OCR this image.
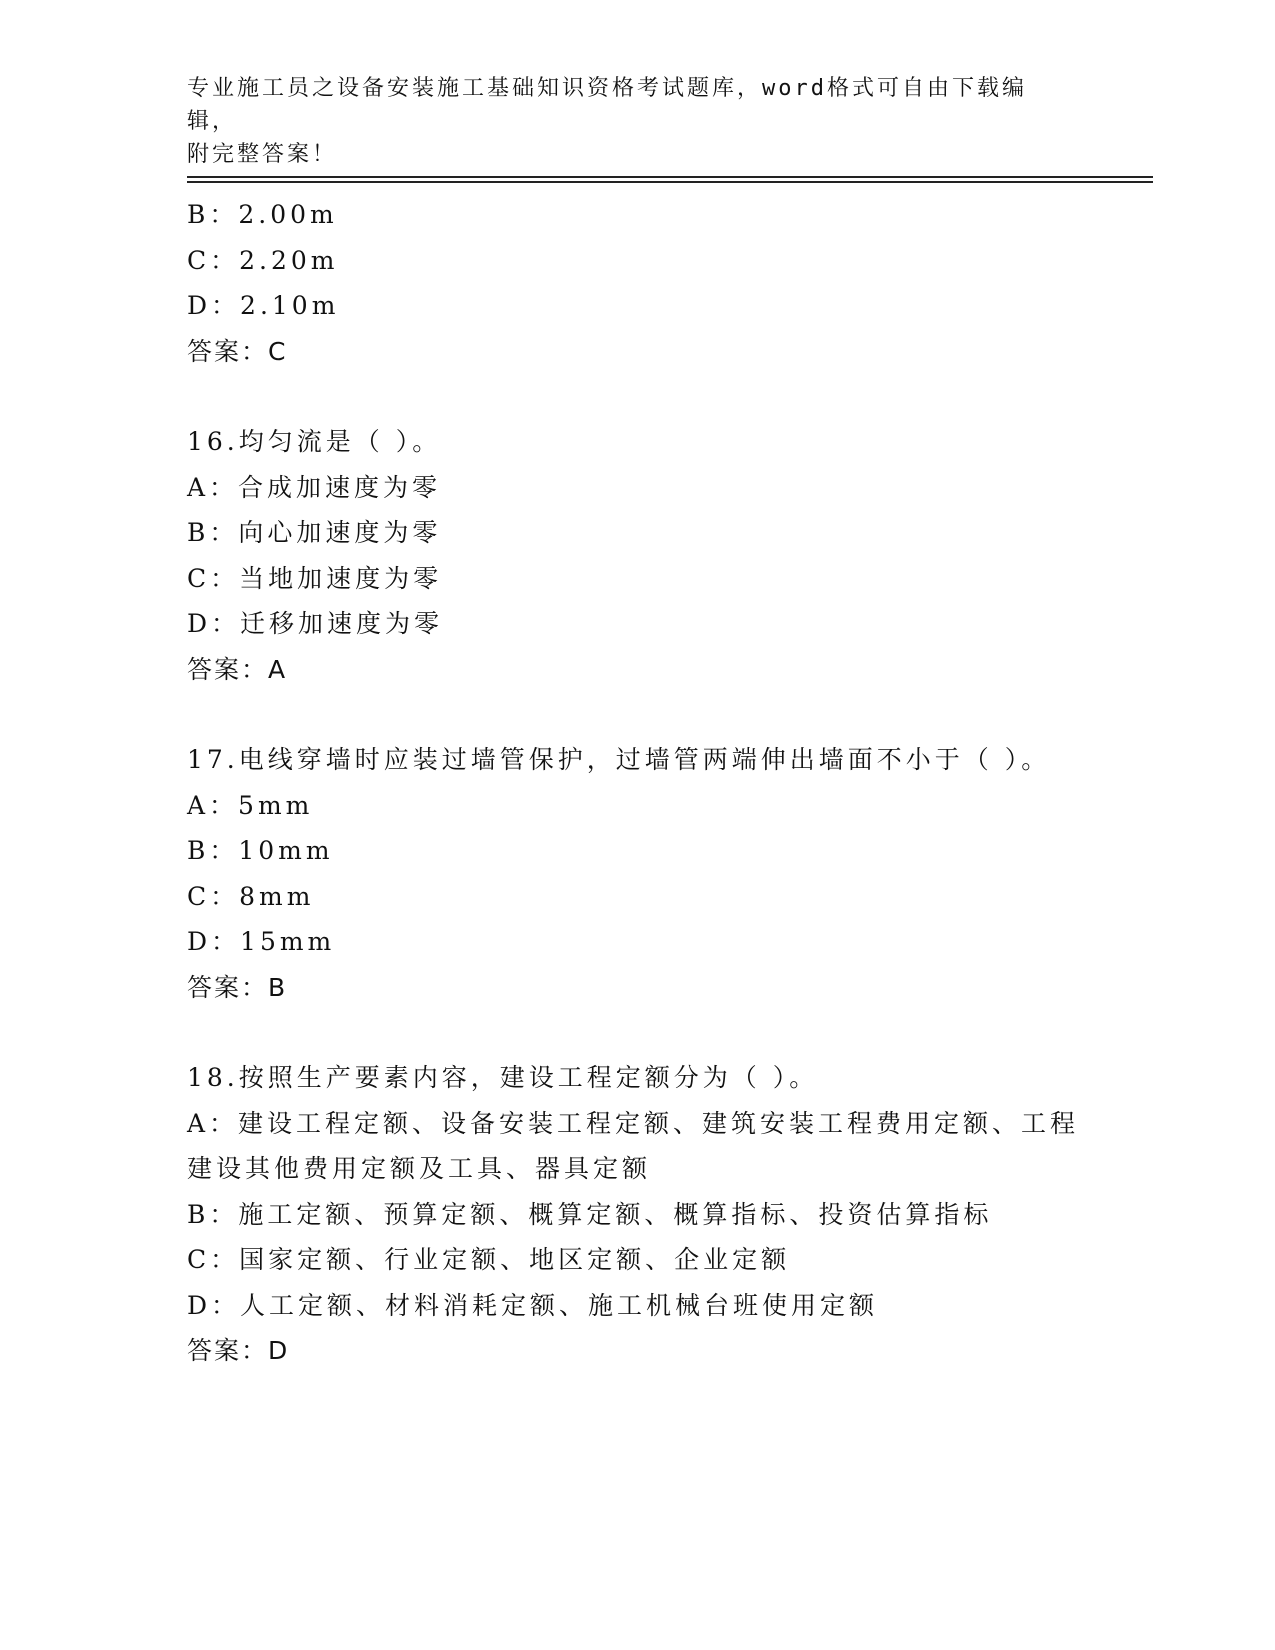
专业施工员之设备安装施工基础知识资格考试题库，word格式可自由下载编辑，
附完整答案！
B：2.00m
C：2.20m
D：2.10m
答案：C
16.均匀流是（ ）。
A：合成加速度为零
B：向心加速度为零
C：当地加速度为零
D：迁移加速度为零
答案：A
17.电线穿墙时应装过墙管保护，过墙管两端伸出墙面不小于（ ）。
A：5mm
B：10mm
C：8mm
D：15mm
答案：B
18.按照生产要素内容，建设工程定额分为（ ）。
A：建设工程定额、设备安装工程定额、建筑安装工程费用定额、工程建设其他费用定额及工具、器具定额
B：施工定额、预算定额、概算定额、概算指标、投资估算指标
C：国家定额、行业定额、地区定额、企业定额
D：人工定额、材料消耗定额、施工机械台班使用定额
答案：D
